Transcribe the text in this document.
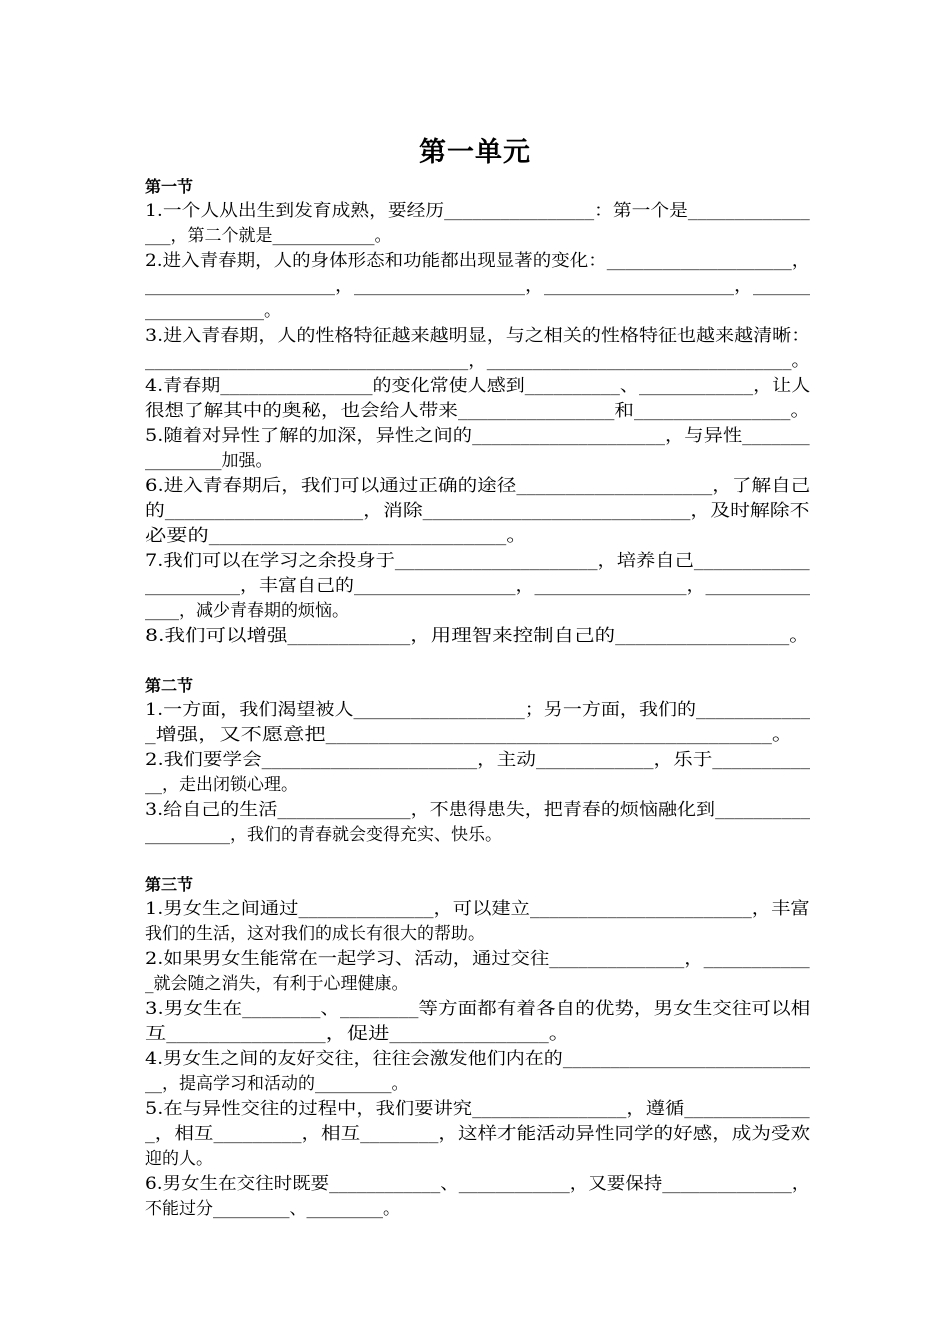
第一单元
第一节
1.一个人从出生到发育成熟，要经历________________：第一个是_____________
___，第二个就是____________。
2.进入青春期，人的身体形态和功能都出现显著的变化：____________________，
____________________，__________________，____________________，______
______________。
3.进入青春期，人的性格特征越来越明显，与之相关的性格特征也越来越清晰：
___________________________________，_________________________________。
4.青春期________________的变化常使人感到__________、____________，让人
很想了解其中的奥秘，也会给人带来________________和________________。
5.随着对异性了解的加深，异性之间的____________________，与异性_______
_________加强。
6.进入青春期后，我们可以通过正确的途径____________________，了解自己
的____________________，消除___________________________，及时解除不
必要的____________________________。
7.我们可以在学习之余投身于_____________________，培养自己____________
__________，丰富自己的_________________，________________，___________
____，减少青春期的烦恼。
8.我们可以增强____________，用理智来控制自己的_________________。
第二节
1.一方面，我们渴望被人__________________；另一方面，我们的____________
_增强，又不愿意把__________________________________________。
2.我们要学会______________________，主动____________，乐于__________
__，走出闭锁心理。
3.给自己的生活______________，不患得患失，把青春的烦恼融化到__________
__________，我们的青春就会变得充实、快乐。
第三节
1.男女生之间通过______________，可以建立_______________________，丰富
我们的生活，这对我们的成长有很大的帮助。
2.如果男女生能常在一起学习、活动，通过交往______________，___________
_就会随之消失，有利于心理健康。
3.男女生在________、________等方面都有着各自的优势，男女生交往可以相
互_______________，促进_______________。
4.男女生之间的友好交往，往往会激发他们内在的__________________________
__，提高学习和活动的_________。
5.在与异性交往的过程中，我们要讲究________________，遵循_____________
_，相互_________，相互________，这样才能活动异性同学的好感，成为受欢
迎的人。
6.男女生在交往时既要____________、____________，又要保持______________，
不能过分_________、_________。
